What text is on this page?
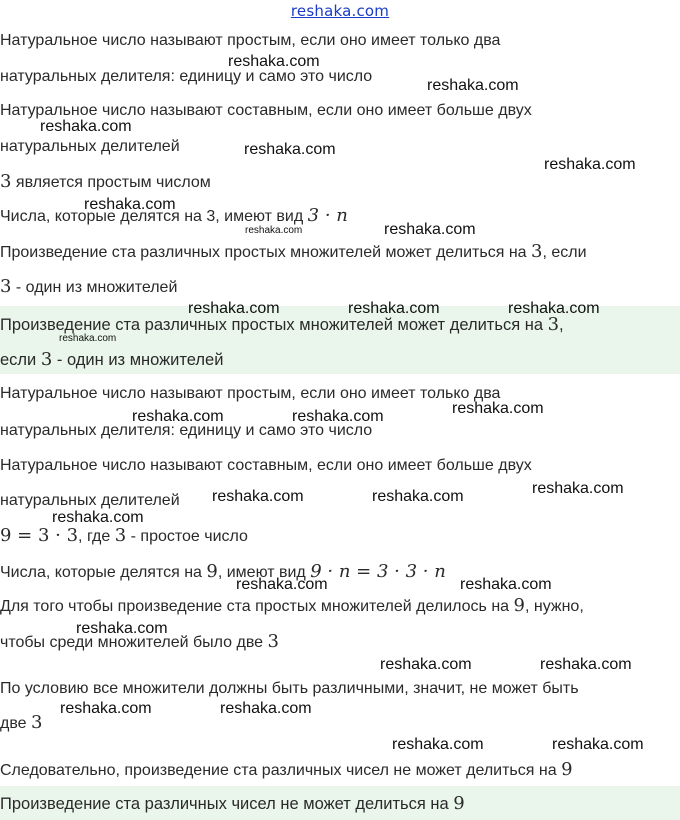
reshaka.com
Натуральное число называют простым, если оно имеет только два
натуральных делителя: единицу и само это число
Натуральное число называют составным, если оно имеет больше двух
натуральных делителей
3 является простым числом
Числа, которые делятся на 3, имеют вид 3 · n
Произведение ста различных простых множителей может делиться на 3, если
3 - один из множителей
Произведение ста различных простых множителей может делиться на 3,
если 3 - один из множителей
Натуральное число называют простым, если оно имеет только два
натуральных делителя: единицу и само это число
Натуральное число называют составным, если оно имеет больше двух
натуральных делителей
9 = 3 · 3, где 3 - простое число
Числа, которые делятся на 9, имеют вид 9 · n = 3 · 3 · n
Для того чтобы произведение ста простых множителей делилось на 9, нужно,
чтобы среди множителей было две 3
По условию все множители должны быть различными, значит, не может быть
две 3
Следовательно, произведение ста различных чисел не может делиться на 9
Произведение ста различных чисел не может делиться на 9
reshaka.com
reshaka.com
reshaka.com
reshaka.com
reshaka.com
reshaka.com
reshaka.com	reshaka.com
reshaka.com	reshaka.com	reshaka.com
reshaka.com
reshaka.com
reshaka.com	reshaka.com
reshaka.com
reshaka.com	reshaka.com
reshaka.com
reshaka.com	reshaka.com
reshaka.com
reshaka.com	reshaka.com
reshaka.com	reshaka.com
reshaka.com	reshaka.com
